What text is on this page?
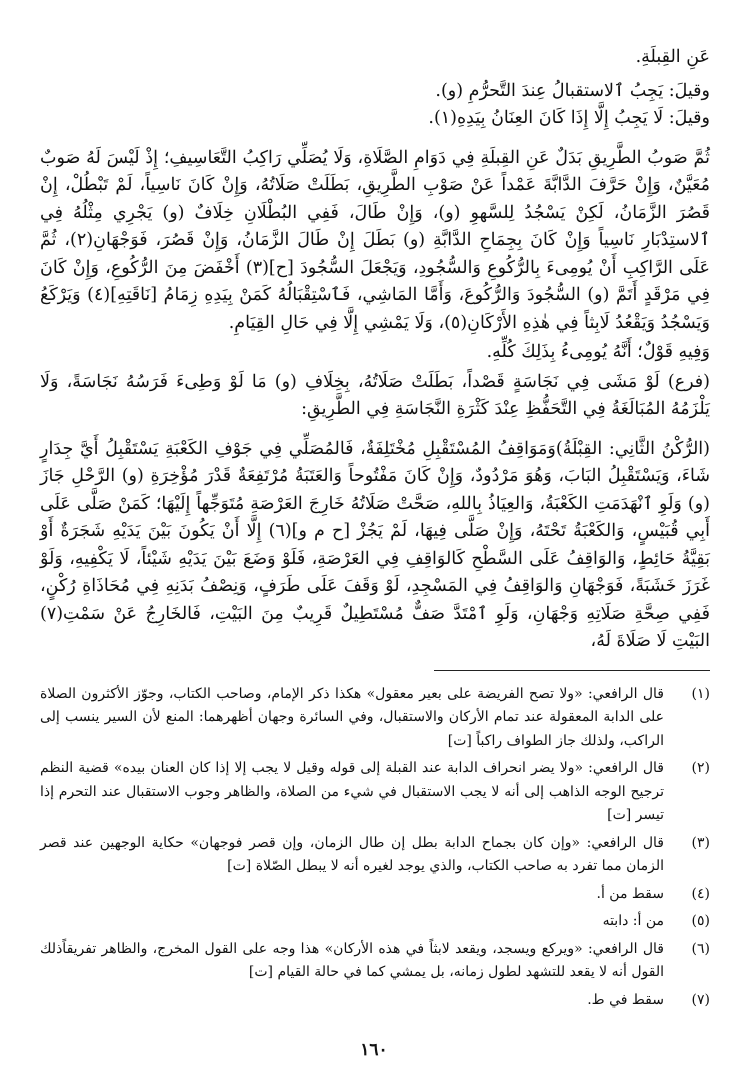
عَنِ القِبلَةِ.

وقيلَ: يَجِبُ ٱلاستقبالُ عِندَ التَّحرُّمِ (و).

وقيلَ: لَا يَجِبُ إِلَّا إِذَا كَانَ العِنَانُ بِيَدِهِ(١).

ثُمَّ صَوبُ الطَّرِيقِ بَدَلٌ عَنِ القِبلَةِ فِي دَوَامِ الصَّلَاةِ، وَلَا يُصَلِّي رَاكِبُ التَّعَاسِيفِ؛ إِذْ لَيْسَ لَهُ صَوبٌ مُعَيَّنٌ، وَإِنْ حَرَّفَ الدَّابَّةَ عَمْداً عَنْ صَوْبِ الطَّرِيقِ، بَطَلَتْ صَلَاتُهُ، وَإِنْ كَانَ نَاسِياً، لَمْ تَبْطُلْ، إِنْ قَصُرَ الزَّمَانُ، لَكِنْ يَسْجُدُ لِلسَّهوِ (و)، وَإِنْ طَالَ، فَفِي البُطْلَانِ خِلَافٌ (و) يَجْرِي مِثْلُهُ فِي ٱلاستِدْبَارِ نَاسِياً وَإِنْ كَانَ بِجِمَاحِ الدَّابَّةِ (و) بَطَلَ إِنْ طَالَ الزَّمَانُ، وَإِنْ قَصُرَ، فَوَجْهَانِ(٢)، ثُمَّ عَلَى الرَّاكِبِ أَنْ يُومِىءَ بِالرُّكُوعِ وَالسُّجُودِ، وَيَجْعَلَ السُّجُودَ [ح](٣) أَخْفَضَ مِنَ الرُّكُوعِ، وَإِنْ كَانَ فِي مَرْقَدٍ أَتَمَّ (و) السُّجُودَ وَالرُّكُوعَ، وَأَمَّا المَاشِي، فَٱسْتِقْبَالُهُ كَمَنْ بِيَدِهِ زِمَامُ [نَاقَتِهِ](٤) وَيَرْكَعُ وَيَسْجُدُ وَيَقْعُدُ لَابِثاً فِي هٰذِهِ الأَرْكَانِ(٥)، وَلَا يَمْشِي إِلَّا فِي حَالِ القِيَامِ.

وَفِيهِ قَوْلٌ؛ أَنَّهُ يُومِىءُ بِذَلِكَ كُلِّهِ.

(فرع) لَوْ مَشَى فِي نَجَاسَةٍ قَصْداً، بَطَلَتْ صَلَاتُهُ، بِخِلَافِ (و) مَا لَوْ وَطِىءَ فَرَسُهُ نَجَاسَةً، وَلَا يَلْزَمُهُ المُبَالَغَةُ فِي التَّحَفُّظِ عِنْدَ كَثْرَةِ النَّجَاسَةِ فِي الطَّرِيقِ:

(الرُّكْنُ الثَّانِي: القِبْلَةُ)وَمَوَاقِفُ المُسْتَقْبِلِ مُخْتَلِفَةٌ، فَالمُصَلِّي فِي جَوْفِ الكَعْبَةِ يَسْتَقْبِلُ أَيَّ جِدَارٍ شَاءَ، وَيَسْتَقْبِلُ البَابَ، وَهُوَ مَرْدُودٌ، وَإِنْ كَانَ مَفْتُوحاً وَالعَتَبَةُ مُرْتَفِعَةٌ قَدْرَ مُؤْخِرَةِ (و) الرَّحْلِ جَازَ (و) وَلَوِ ٱنْهَدَمَتِ الكَعْبَةُ، وَالعِيَاذُ بِاللهِ، صَحَّتْ صَلَاتُهُ خَارِجَ العَرْصَةِ مُتَوَجِّهاً إِلَيْهَا؛ كَمَنْ صَلَّى عَلَى أَبِي قُبَيْسٍ، وَالكَعْبَةُ تَحْتَهُ، وَإِنْ صَلَّى فِيهَا، لَمْ يَجُزْ [ح م و](٦) إِلَّا أَنْ يَكُونَ بَيْنَ يَدَيْهِ شَجَرَةٌ أَوْ بَقِيَّةُ حَائِطٍ، وَالوَاقِفُ عَلَى السَّطْحِ كَالوَاقِفِ فِي العَرْصَةِ، فَلَوْ وَضَعَ بَيْنَ يَدَيْهِ شَيْئاً، لَا يَكْفِيهِ، وَلَوْ غَرَزَ خَشَبَةً، فَوَجْهَانِ وَالوَاقِفُ فِي المَسْجِدِ، لَوْ وَقَفَ عَلَى طَرَفٍ، وَنِصْفُ بَدَنِهِ فِي مُحَاذَاةِ رُكْنٍ، فَفِي صِحَّةِ صَلَاتِهِ وَجْهَانِ، وَلَوِ ٱمْتَدَّ صَفٌّ مُسْتَطِيلٌ قَرِيبٌ مِنَ البَيْتِ، فَالخَارِجُ عَنْ سَمْتِ(٧) البَيْتِ لَا صَلَاةَ لَهُ،

(١)
قال الرافعي: «ولا تصح الفريضة على بعير معقول» هكذا ذكر الإمام، وصاحب الكتاب، وجوّز الأكثرون الصلاة على الدابة المعقولة عند تمام الأركان والاستقبال، وفي السائرة وجهان أظهرهما: المنع لأن السير ينسب إلى الراكب، ولذلك جاز الطواف راكباً [ت]
(٢)
قال الرافعي: «ولا يضر انحراف الدابة عند القبلة إلى قوله وقيل لا يجب إلا إذا كان العنان بيده» قضية النظم ترجيح الوجه الذاهب إلى أنه لا يجب الاستقبال في شيء من الصلاة، والظاهر وجوب الاستقبال عند التحرم إذا تيسر [ت]
(٣)
قال الرافعي: «وإن كان بجماح الدابة بطل إن طال الزمان، وإن قصر فوجهان» حكاية الوجهين عند قصر الزمان مما تفرد به صاحب الكتاب، والذي يوجد لغيره أنه لا يبطل الصّلاة [ت]
(٤)
سقط من أ.
(٥)
من أ: دابته
(٦)
قال الرافعي: «ويركع ويسجد، ويقعد لابثاً في هذه الأركان» هذا وجه على القول المخرج، والظاهر تفريقاًذلك القول أنه لا يقعد للتشهد لطول زمانه، بل يمشي كما في حالة القيام [ت]
(٧)
سقط في ط.
١٦٠
